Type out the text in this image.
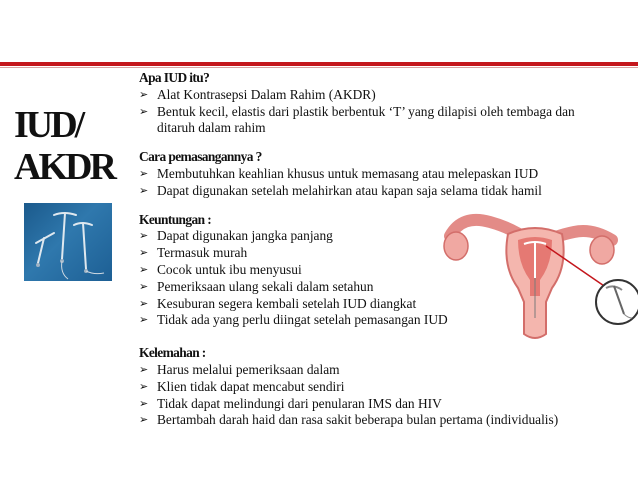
IUD/
AKDR
Apa IUD itu?
➢ Alat Kontrasepsi Dalam Rahim (AKDR)
➢ Bentuk kecil, elastis dari plastik berbentuk ‘T’ yang dilapisi oleh tembaga dan ditaruh dalam rahim
Cara pemasangannya ?
➢ Membutuhkan keahlian khusus untuk memasang atau melepaskan IUD
➢ Dapat digunakan setelah melahirkan atau kapan saja selama tidak hamil
Keuntungan :
➢ Dapat digunakan jangka panjang
➢ Termasuk murah
➢ Cocok untuk ibu menyusui
➢ Pemeriksaan ulang sekali dalam setahun
➢ Kesuburan segera kembali setelah IUD diangkat
➢ Tidak ada yang perlu diingat setelah pemasangan IUD
Kelemahan :
➢ Harus melalui pemeriksaan dalam
➢ Klien tidak dapat mencabut sendiri
➢ Tidak dapat melindungi dari penularan IMS dan HIV
➢ Bertambah darah haid dan rasa sakit beberapa bulan pertama (individualis)
